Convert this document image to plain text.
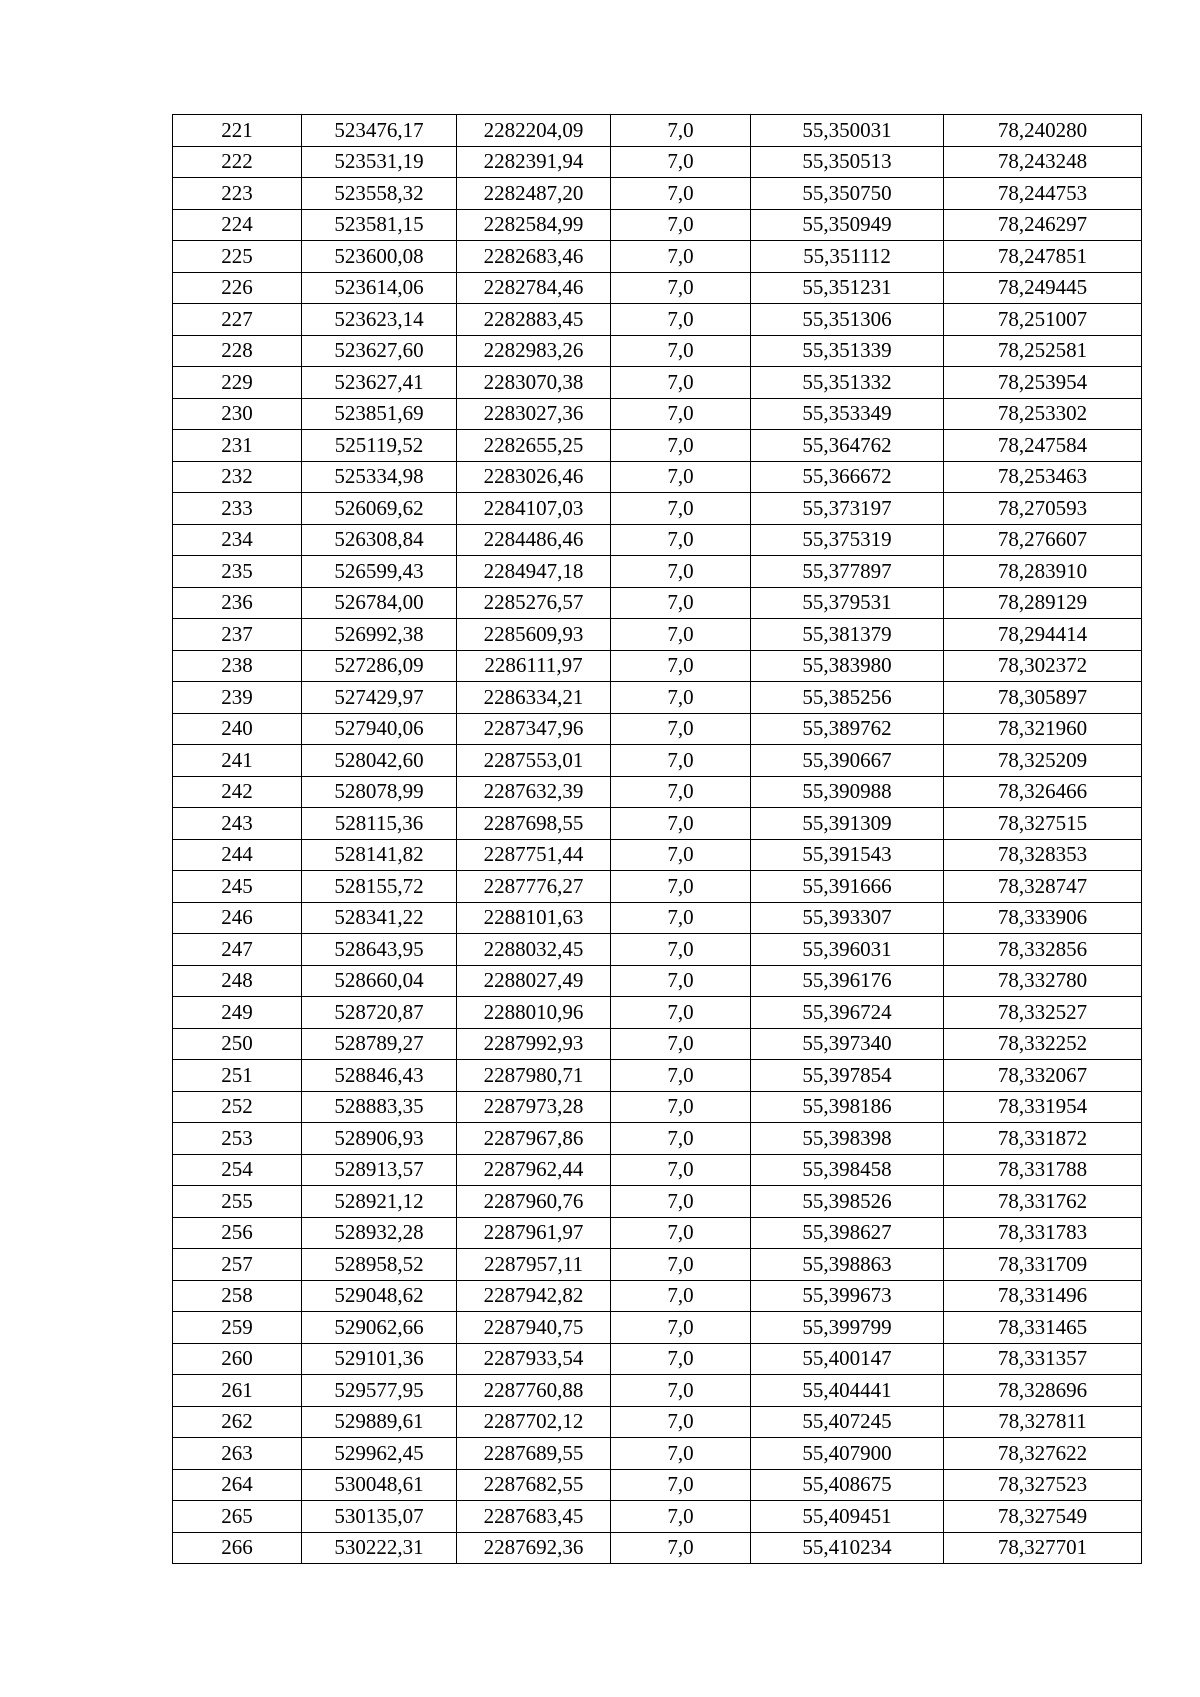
221	523476,17	2282204,09	7,0	55,350031	78,240280
222	523531,19	2282391,94	7,0	55,350513	78,243248
223	523558,32	2282487,20	7,0	55,350750	78,244753
224	523581,15	2282584,99	7,0	55,350949	78,246297
225	523600,08	2282683,46	7,0	55,351112	78,247851
226	523614,06	2282784,46	7,0	55,351231	78,249445
227	523623,14	2282883,45	7,0	55,351306	78,251007
228	523627,60	2282983,26	7,0	55,351339	78,252581
229	523627,41	2283070,38	7,0	55,351332	78,253954
230	523851,69	2283027,36	7,0	55,353349	78,253302
231	525119,52	2282655,25	7,0	55,364762	78,247584
232	525334,98	2283026,46	7,0	55,366672	78,253463
233	526069,62	2284107,03	7,0	55,373197	78,270593
234	526308,84	2284486,46	7,0	55,375319	78,276607
235	526599,43	2284947,18	7,0	55,377897	78,283910
236	526784,00	2285276,57	7,0	55,379531	78,289129
237	526992,38	2285609,93	7,0	55,381379	78,294414
238	527286,09	2286111,97	7,0	55,383980	78,302372
239	527429,97	2286334,21	7,0	55,385256	78,305897
240	527940,06	2287347,96	7,0	55,389762	78,321960
241	528042,60	2287553,01	7,0	55,390667	78,325209
242	528078,99	2287632,39	7,0	55,390988	78,326466
243	528115,36	2287698,55	7,0	55,391309	78,327515
244	528141,82	2287751,44	7,0	55,391543	78,328353
245	528155,72	2287776,27	7,0	55,391666	78,328747
246	528341,22	2288101,63	7,0	55,393307	78,333906
247	528643,95	2288032,45	7,0	55,396031	78,332856
248	528660,04	2288027,49	7,0	55,396176	78,332780
249	528720,87	2288010,96	7,0	55,396724	78,332527
250	528789,27	2287992,93	7,0	55,397340	78,332252
251	528846,43	2287980,71	7,0	55,397854	78,332067
252	528883,35	2287973,28	7,0	55,398186	78,331954
253	528906,93	2287967,86	7,0	55,398398	78,331872
254	528913,57	2287962,44	7,0	55,398458	78,331788
255	528921,12	2287960,76	7,0	55,398526	78,331762
256	528932,28	2287961,97	7,0	55,398627	78,331783
257	528958,52	2287957,11	7,0	55,398863	78,331709
258	529048,62	2287942,82	7,0	55,399673	78,331496
259	529062,66	2287940,75	7,0	55,399799	78,331465
260	529101,36	2287933,54	7,0	55,400147	78,331357
261	529577,95	2287760,88	7,0	55,404441	78,328696
262	529889,61	2287702,12	7,0	55,407245	78,327811
263	529962,45	2287689,55	7,0	55,407900	78,327622
264	530048,61	2287682,55	7,0	55,408675	78,327523
265	530135,07	2287683,45	7,0	55,409451	78,327549
266	530222,31	2287692,36	7,0	55,410234	78,327701
